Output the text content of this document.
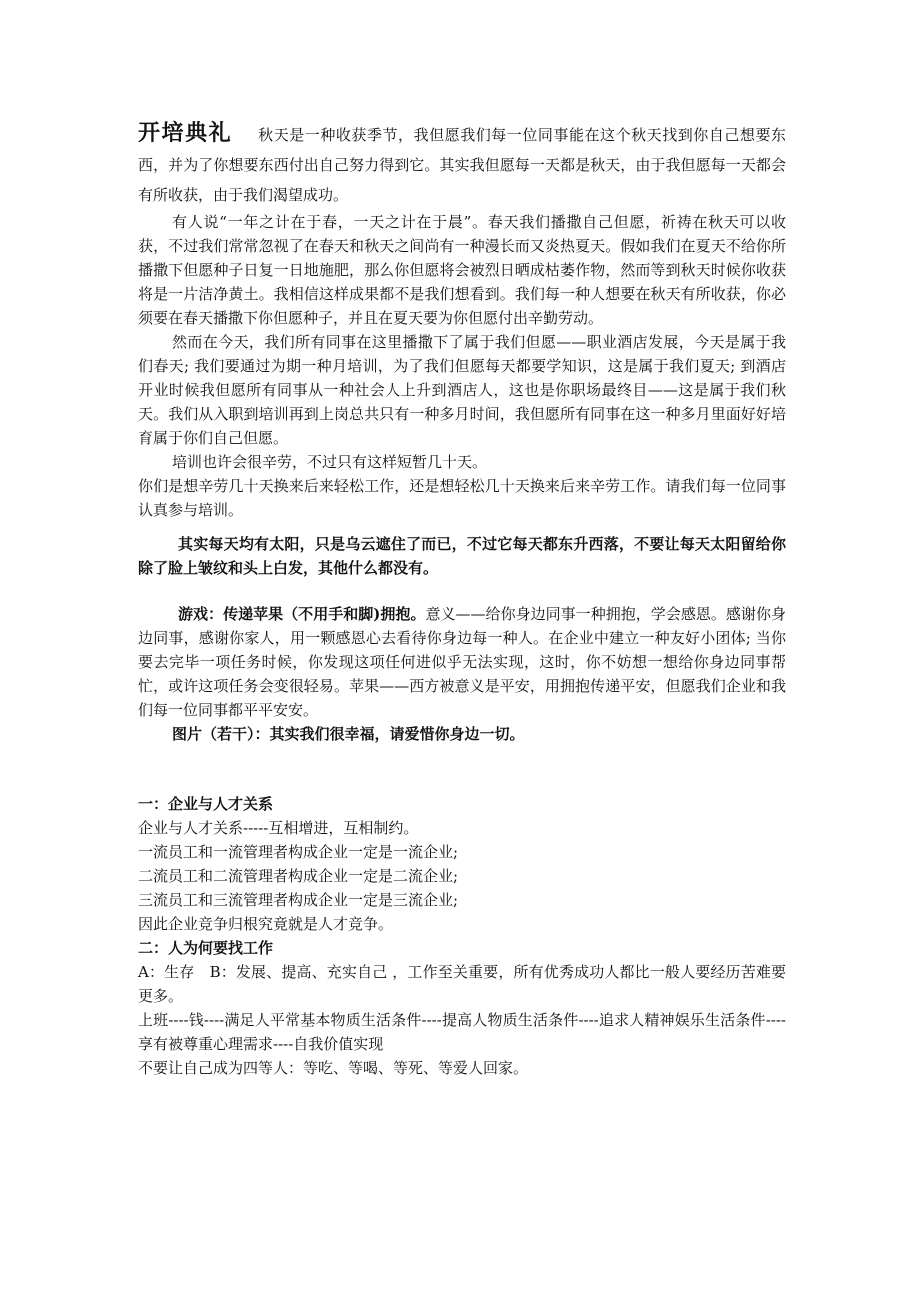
开培典礼 秋天是一种收获季节，我但愿我们每一位同事能在这个秋天找到你自己想要东西，并为了你想要东西付出自己努力得到它。其实我但愿每一天都是秋天，由于我但愿每一天都会有所收获，由于我们渴望成功。

有人说“一年之计在于春，一天之计在于晨”。春天我们播撒自己但愿，祈祷在秋天可以收获，不过我们常常忽视了在春天和秋天之间尚有一种漫长而又炎热夏天。假如我们在夏天不给你所播撒下但愿种子日复一日地施肥，那么你但愿将会被烈日晒成枯萎作物，然而等到秋天时候你收获将是一片洁净黄土。我相信这样成果都不是我们想看到。我们每一种人想要在秋天有所收获，你必须要在春天播撒下你但愿种子，并且在夏天要为你但愿付出辛勤劳动。

然而在今天，我们所有同事在这里播撒下了属于我们但愿——职业酒店发展，今天是属于我们春天; 我们要通过为期一种月培训，为了我们但愿每天都要学知识，这是属于我们夏天; 到酒店开业时候我但愿所有同事从一种社会人上升到酒店人，这也是你职场最终目——这是属于我们秋天。我们从入职到培训再到上岗总共只有一种多月时间，我但愿所有同事在这一种多月里面好好培育属于你们自己但愿。

培训也许会很辛劳，不过只有这样短暂几十天。

你们是想辛劳几十天换来后来轻松工作，还是想轻松几十天换来后来辛劳工作。请我们每一位同事认真参与培训。

其实每天均有太阳，只是乌云遮住了而已，不过它每天都东升西落，不要让每天太阳留给你除了脸上皱纹和头上白发，其他什么都没有。

游戏：传递苹果（不用手和脚)拥抱。意义——给你身边同事一种拥抱，学会感恩。感谢你身边同事，感谢你家人，用一颗感恩心去看待你身边每一种人。在企业中建立一种友好小团体; 当你要去完毕一项任务时候，你发现这项任何进似乎无法实现，这时，你不妨想一想给你身边同事帮忙，或许这项任务会变很轻易。苹果——西方被意义是平安，用拥抱传递平安，但愿我们企业和我们每一位同事都平平安安。

图片（若干）：其实我们很幸福，请爱惜你身边一切。

一：企业与人才关系

企业与人才关系-----互相增进，互相制约。

一流员工和一流管理者构成企业一定是一流企业;

二流员工和二流管理者构成企业一定是二流企业;

三流员工和三流管理者构成企业一定是三流企业;

因此企业竞争归根究竟就是人才竞争。

二：人为何要找工作

A：生存　B：发展、提高、充实自己 ，工作至关重要，所有优秀成功人都比一般人要经历苦难要更多。

上班----钱----满足人平常基本物质生活条件----提高人物质生活条件----追求人精神娱乐生活条件----享有被尊重心理需求----自我价值实现

不要让自己成为四等人：等吃、等喝、等死、等爱人回家。
